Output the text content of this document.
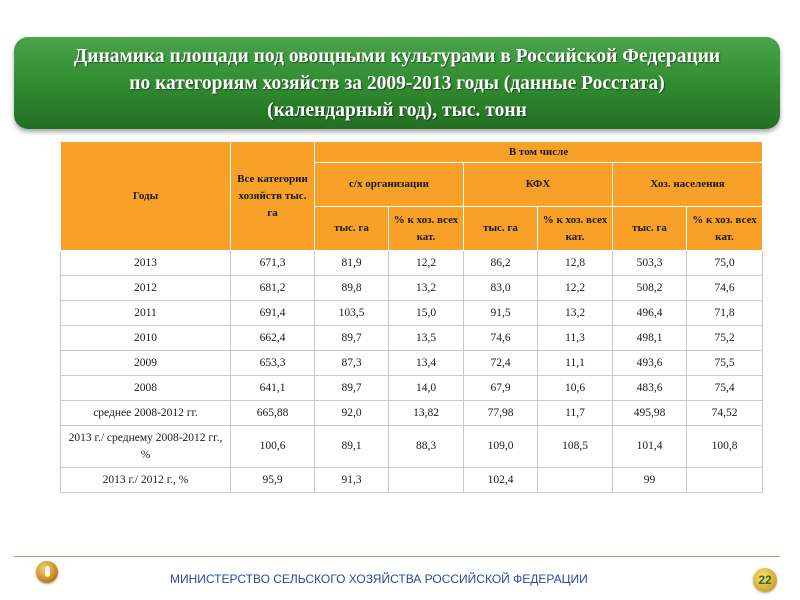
Динамика площади под овощными культурами в Российской Федерации
по категориям хозяйств за 2009-2013 годы (данные Росстата)
(календарный год), тыс. тонн
Годы	Все категории хозяйств тыс. га	В том числе					
		с/х организации		КФХ		Хоз. населения	
		тыс. га	% к хоз. всех кат.	тыс. га	% к хоз. всех кат.	тыс. га	% к хоз. всех кат.
2013	671,3	81,9	12,2	86,2	12,8	503,3	75,0
2012	681,2	89,8	13,2	83,0	12,2	508,2	74,6
2011	691,4	103,5	15,0	91,5	13,2	496,4	71,8
2010	662,4	89,7	13,5	74,6	11,3	498,1	75,2
2009	653,3	87,3	13,4	72,4	11,1	493,6	75,5
2008	641,1	89,7	14,0	67,9	10,6	483,6	75,4
среднее 2008-2012 гг.	665,88	92,0	13,82	77,98	11,7	495,98	74,52
2013 г./ среднему 2008-2012 гг., %	100,6	89,1	88,3	109,0	108,5	101,4	100,8
2013 г./ 2012 г., %	95,9	91,3		102,4		99	
МИНИСТЕРСТВО СЕЛЬСКОГО ХОЗЯЙСТВА РОССИЙСКОЙ ФЕДЕРАЦИИ	22
